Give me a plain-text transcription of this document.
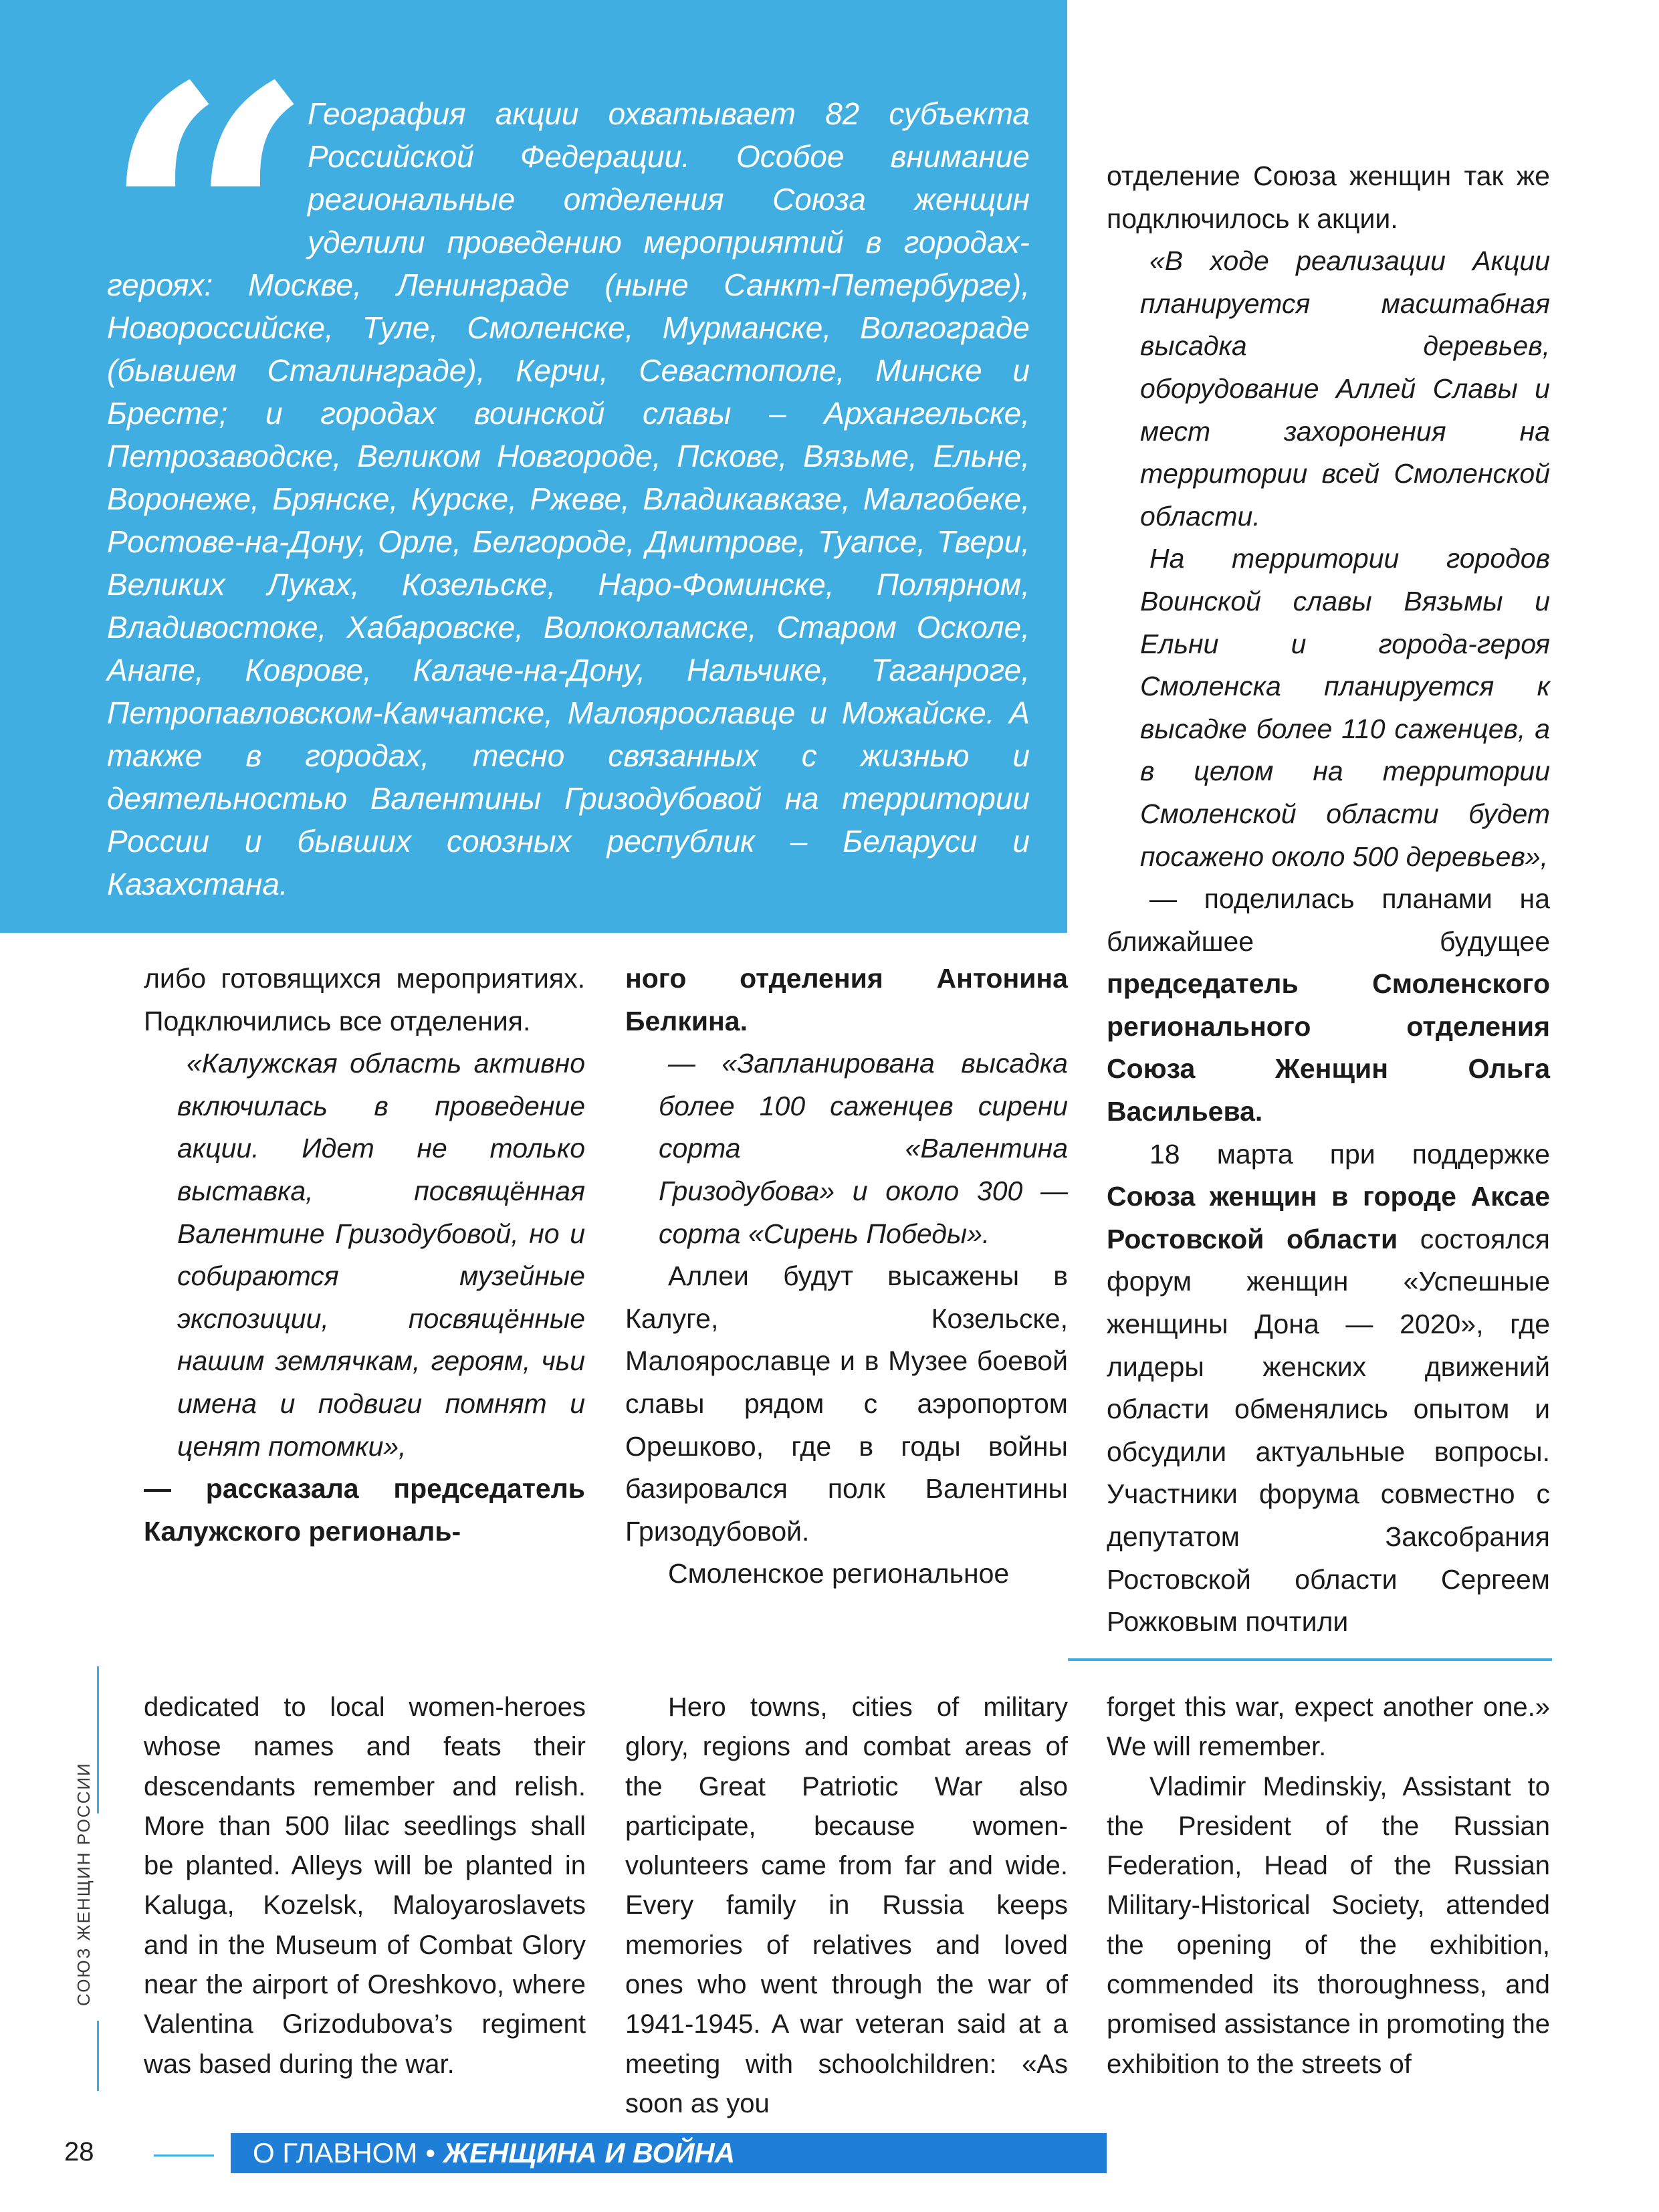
“ География акции охватывает 82 субъекта Российской Федерации. Особое внимание региональные отделения Союза женщин уделили проведению мероприятий в городах-героях: Москве, Ленинграде (ныне Санкт-Петербурге), Новороссийске, Туле, Смоленске, Мурманске, Волгограде (бывшем Сталинграде), Керчи, Севастополе, Минске и Бресте; и городах воинской славы – Архангельске, Петрозаводске, Великом Новгороде, Пскове, Вязьме, Ельне, Воронеже, Брянске, Курске, Ржеве, Владикавказе, Малгобеке, Ростове-на-Дону, Орле, Белгороде, Дмитрове, Туапсе, Твери, Великих Луках, Козельске, Наро-Фоминске, Полярном, Владивостоке, Хабаровске, Волоколамске, Старом Осколе, Анапе, Коврове, Калаче-на-Дону, Нальчике, Таганроге, Петропавловском-Камчатске, Малоярославце и Можайске. А также в городах, тесно связанных с жизнью и деятельностью Валентины Гризодубовой на территории России и бывших союзных республик – Беларуси и Казахстана.

либо готовящихся мероприятиях. Подключились все отделения.

«Калужская область активно включилась в проведение акции. Идет не только выставка, посвящённая Валентине Гризодубовой, но и собираются музейные экспозиции, посвящённые нашим землячкам, героям, чьи имена и подвиги помнят и ценят потомки»,

— рассказала председатель Калужского региональ-

ного отделения Антонина Белкина.

— «Запланирована высадка более 100 саженцев сирени сорта «Валентина Гризодубова» и около 300 — сорта «Сирень Победы».

Аллеи будут высажены в Калуге, Козельске, Малоярославце и в Музее боевой славы рядом с аэропортом Орешково, где в годы войны базировался полк Валентины Гризодубовой.

Смоленское региональное

отделение Союза женщин так же подключилось к акции.

«В ходе реализации Акции планируется масштабная высадка деревьев, оборудование Аллей Славы и мест захоронения на территории всей Смоленской области.

На территории городов Воинской славы Вязьмы и Ельни и города-героя Смоленска планируется к высадке более 110 саженцев, а в целом на территории Смоленской области будет посажено около 500 деревьев»,

— поделилась планами на ближайшее будущее председатель Смоленского регионального отделения Союза Женщин Ольга Васильева.

18 марта при поддержке Союза женщин в городе Аксае Ростовской области состоялся форум женщин «Успешные женщины Дона — 2020», где лидеры женских движений области обменялись опытом и обсудили актуальные вопросы. Участники форума совместно с депутатом Заксобрания Ростовской области Сергеем Рожковым почтили

dedicated to local women-heroes whose names and feats their descendants remember and relish. More than 500 lilac seedlings shall be planted. Alleys will be planted in Kaluga, Kozelsk, Maloyaroslavets and in the Museum of Combat Glory near the airport of Oreshkovo, where Valentina Grizodubova’s regiment was based during the war.

Hero towns, cities of military glory, regions and combat areas of the Great Patriotic War also participate, because women-volunteers came from far and wide. Every family in Russia keeps memories of relatives and loved ones who went through the war of 1941-1945. A war veteran said at a meeting with schoolchildren: «As soon as you

forget this war, expect another one.» We will remember.

Vladimir Medinskiy, Assistant to the President of the Russian Federation, Head of the Russian Military-Historical Society, attended the opening of the exhibition, commended its thoroughness, and promised assistance in promoting the exhibition to the streets of

СОЮЗ ЖЕНЩИН РОССИИ
28	О ГЛАВНОМ • ЖЕНЩИНА И ВОЙНА
